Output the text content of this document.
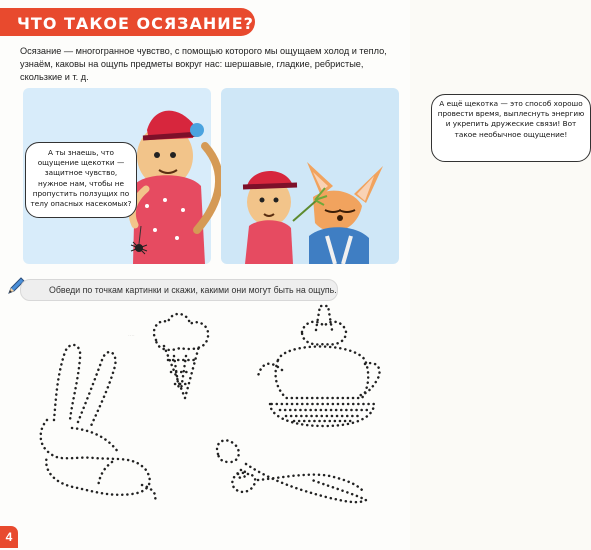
ЧТО ТАКОЕ ОСЯЗАНИЕ?
Осязание — многогранное чувство, с помощью которого мы ощущаем холод и тепло, узнаём, каковы на ощупь предметы вокруг нас: шершавые, гладкие, ребристые, скользкие и т. д.
А ты знаешь, что ощущение щекотки — защитное чувство, нужное нам, чтобы не пропустить ползущих по телу опасных насекомых?
А ещё щекотка — это способ хорошо провести время, выплеснуть энергию и укрепить дружеские связи! Вот такое необычное ощущение!
Обведи по точкам картинки и скажи, какими они могут быть на ощупь.
....
4
